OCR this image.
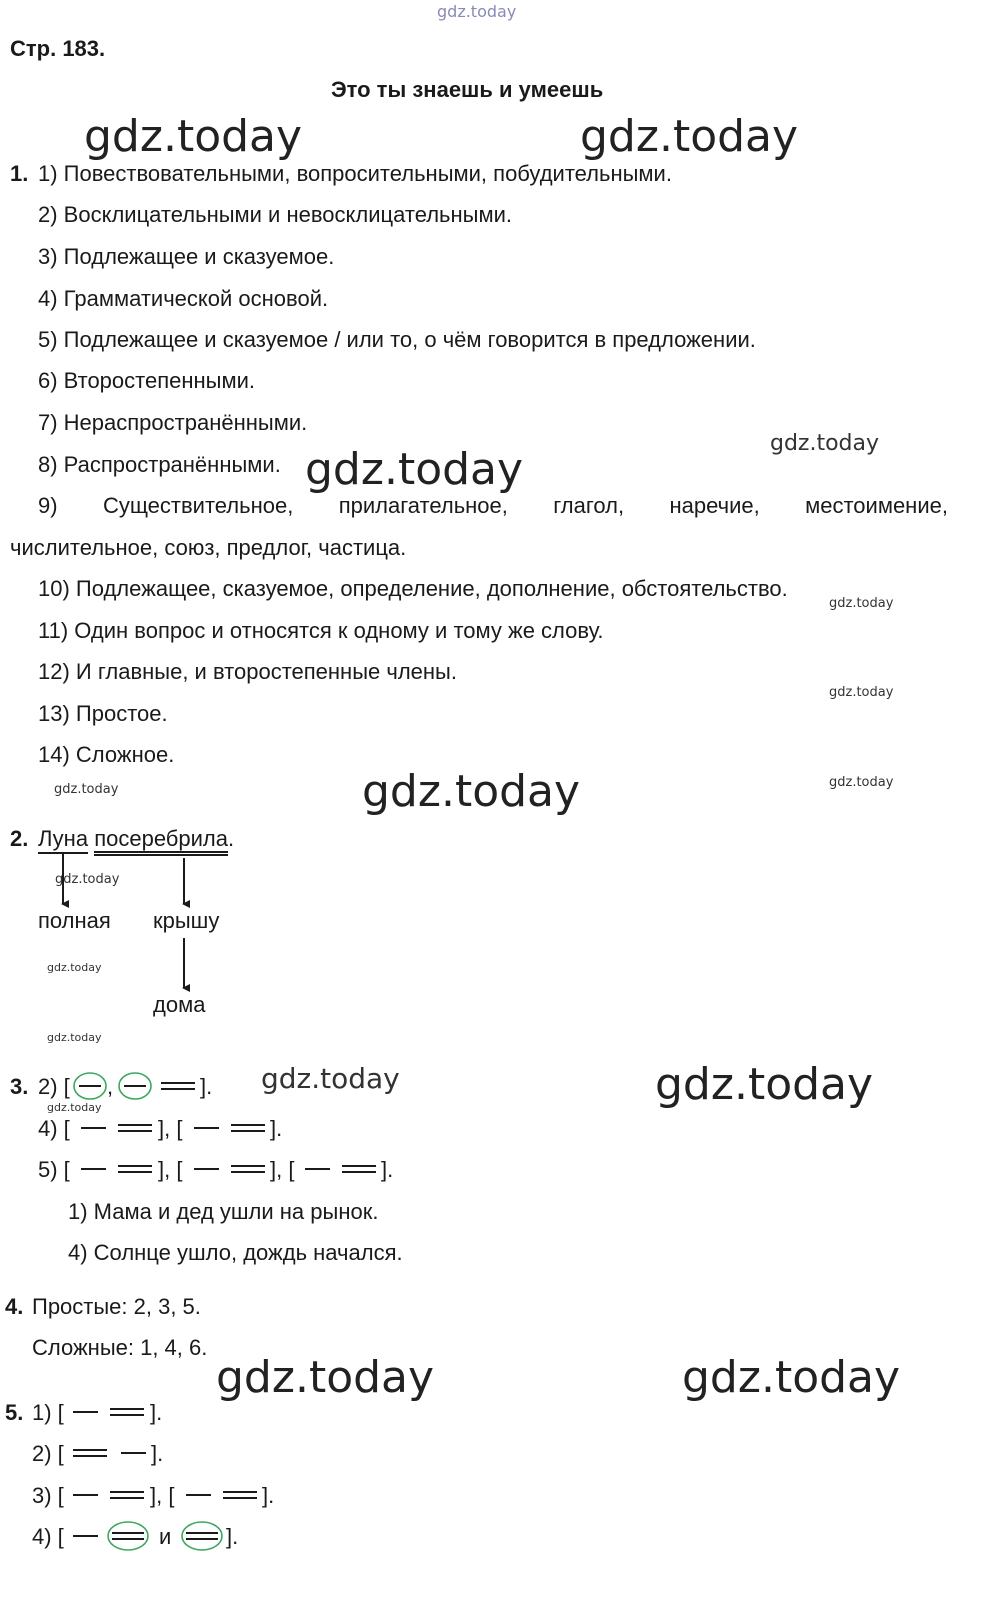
gdz.today
Стр. 183.
Это ты знаешь и умеешь
gdz.today	gdz.today
gdz.today
gdz.today
gdz.today
gdz.today	gdz.today
gdz.today
gdz.today
gdz.today
gdz.today
gdz.today
gdz.today
gdz.today
gdz.today
gdz.today
gdz.today
1. 1) Повествовательными, вопросительными, побудительными.
2) Восклицательными и невосклицательными.
3) Подлежащее и сказуемое.
4) Грамматической основой.
5) Подлежащее и сказуемое / или то, о чём говорится в предложении.
6) Второстепенными.
7) Нераспространёнными.
8) Распространёнными.
9) Существительное, прилагательное, глагол, наречие, местоимение,
числительное, союз, предлог, частица.
10) Подлежащее, сказуемое, определение, дополнение, обстоятельство.
11) Один вопрос и относятся к одному и тому же слову.
12) И главные, и второстепенные члены.
13) Простое.
14) Сложное.
2. Луна посеребрила.
полная крышу
дома
3. 2) [ ,	].
4) [	], [	].
5) [	], [	], [	].
1) Мама и дед ушли на рынок.
4) Солнце ушло, дождь начался.
4. Простые: 2, 3, 5.
Сложные: 1, 4, 6.
5. 1) [	].
2) [	].
3) [	], [	].
4) [	и ].
